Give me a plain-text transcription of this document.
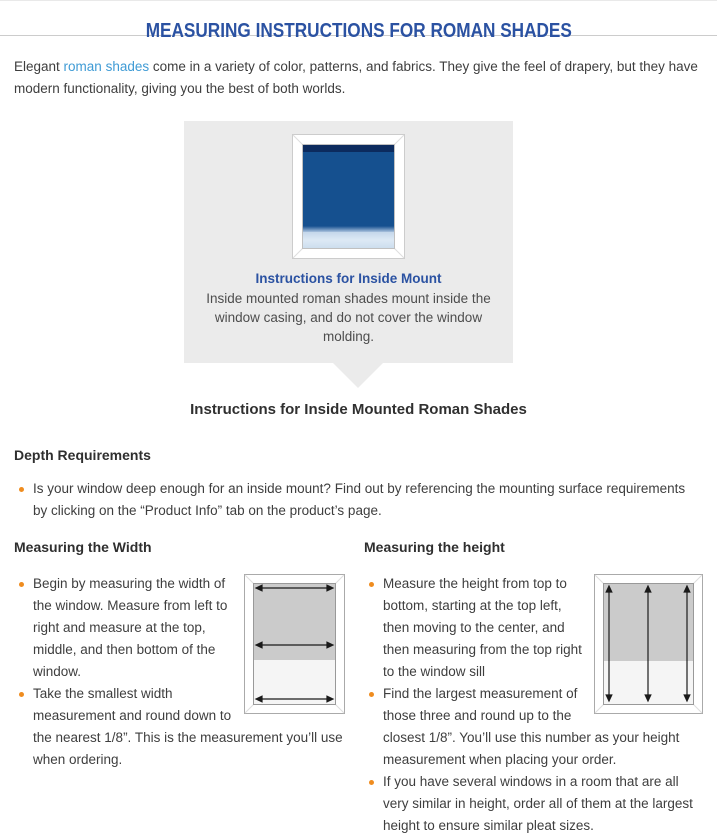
MEASURING INSTRUCTIONS FOR ROMAN SHADES

Elegant roman shades come in a variety of color, patterns, and fabrics. They give the feel of drapery, but they have modern functionality, giving you the best of both worlds.

Instructions for Inside Mount
Inside mounted roman shades mount inside the window casing, and do not cover the window molding.
Instructions for Inside Mounted Roman Shades
Depth Requirements
Is your window deep enough for an inside mount? Find out by referencing the mounting surface requirements by clicking on the “Product Info” tab on the product’s page.
Measuring the Width
Begin by measuring the width of the window. Measure from left to right and measure at the top, middle, and then bottom of the window.
Take the smallest width measurement and round down to the nearest 1/8”. This is the measurement you’ll use when ordering.
Measuring the height
Measure the height from top to bottom, starting at the top left, then moving to the center, and then measuring from the top right to the window sill
Find the largest measurement of those three and round up to the closest 1/8”. You’ll use this number as your height measurement when placing your order.
If you have several windows in a room that are all very similar in height, order all of them at the largest height to ensure similar pleat sizes.
